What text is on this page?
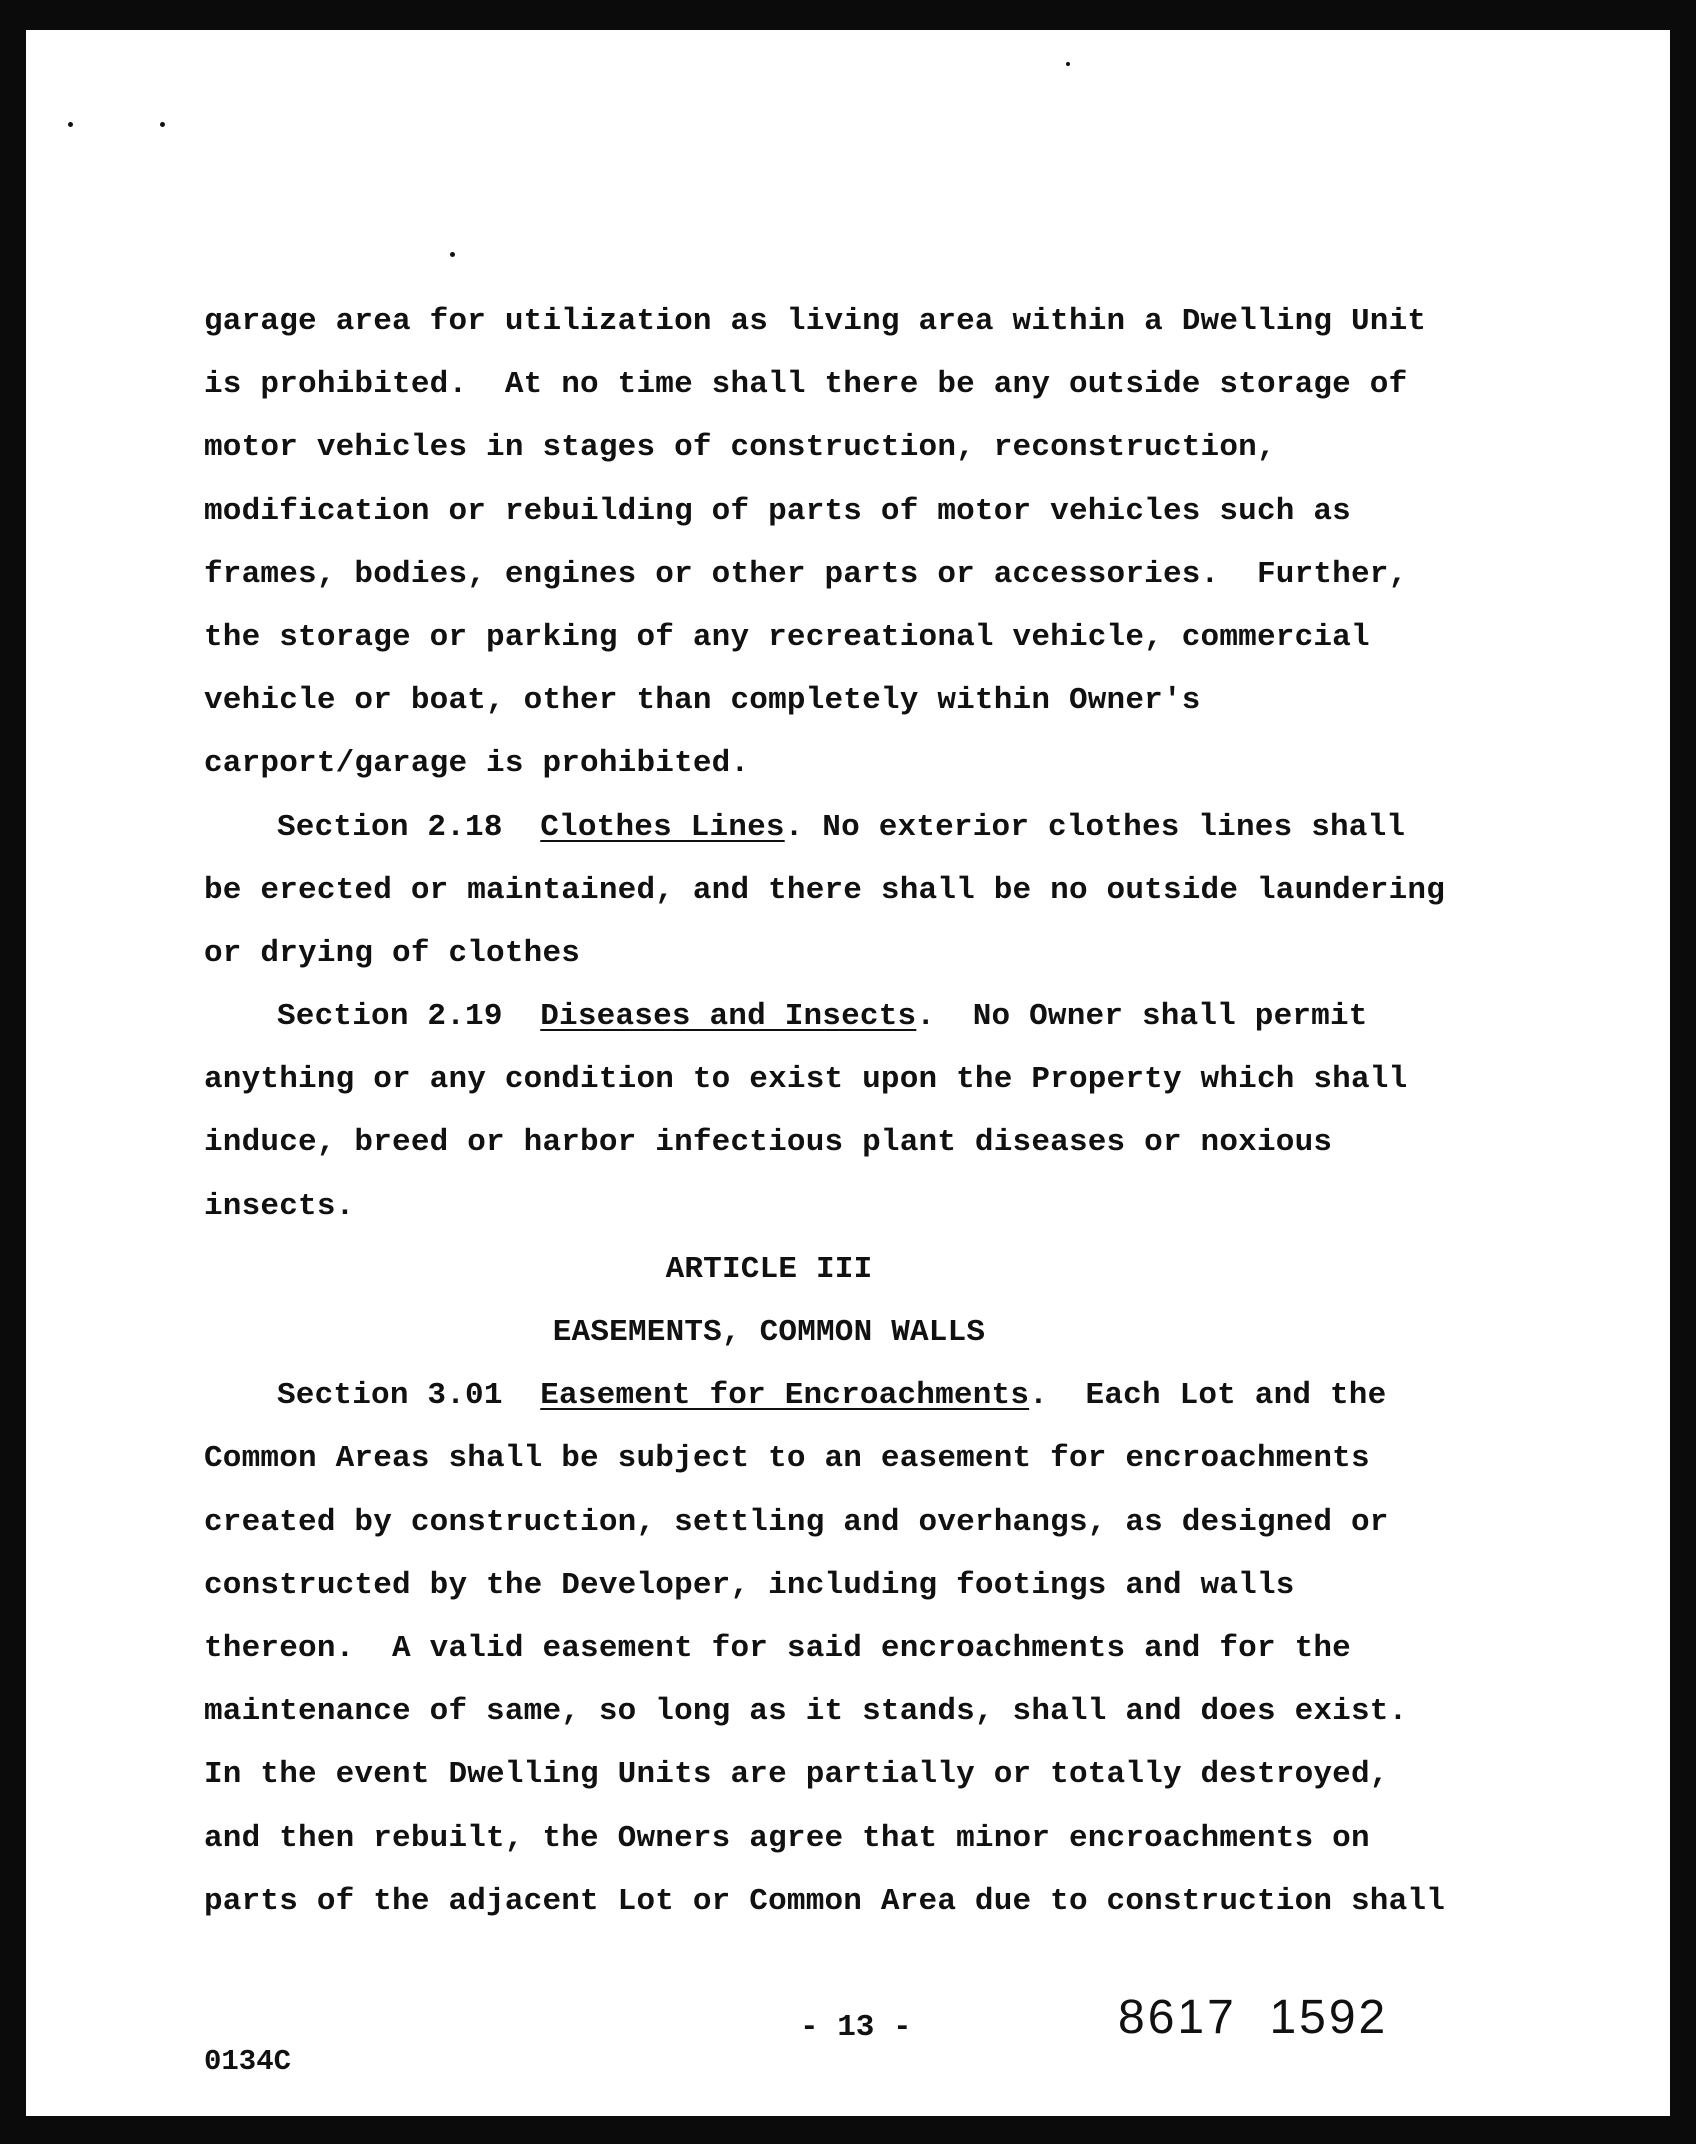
garage area for utilization as living area within a Dwelling Unit
is prohibited.  At no time shall there be any outside storage of
motor vehicles in stages of construction, reconstruction,
modification or rebuilding of parts of motor vehicles such as
frames, bodies, engines or other parts or accessories.  Further,
the storage or parking of any recreational vehicle, commercial
vehicle or boat, other than completely within Owner's
carport/garage is prohibited.
Section 2.18 Clothes Lines. No exterior clothes lines shall
be erected or maintained, and there shall be no outside laundering
or drying of clothes
Section 2.19 Diseases and Insects.  No Owner shall permit
anything or any condition to exist upon the Property which shall
induce, breed or harbor infectious plant diseases or noxious
insects.
ARTICLE III
EASEMENTS, COMMON WALLS
Section 3.01 Easement for Encroachments.  Each Lot and the
Common Areas shall be subject to an easement for encroachments
created by construction, settling and overhangs, as designed or
constructed by the Developer, including footings and walls
thereon.  A valid easement for said encroachments and for the
maintenance of same, so long as it stands, shall and does exist.
In the event Dwelling Units are partially or totally destroyed,
and then rebuilt, the Owners agree that minor encroachments on
parts of the adjacent Lot or Common Area due to construction shall
- 13 -
0134C
8617  1592
